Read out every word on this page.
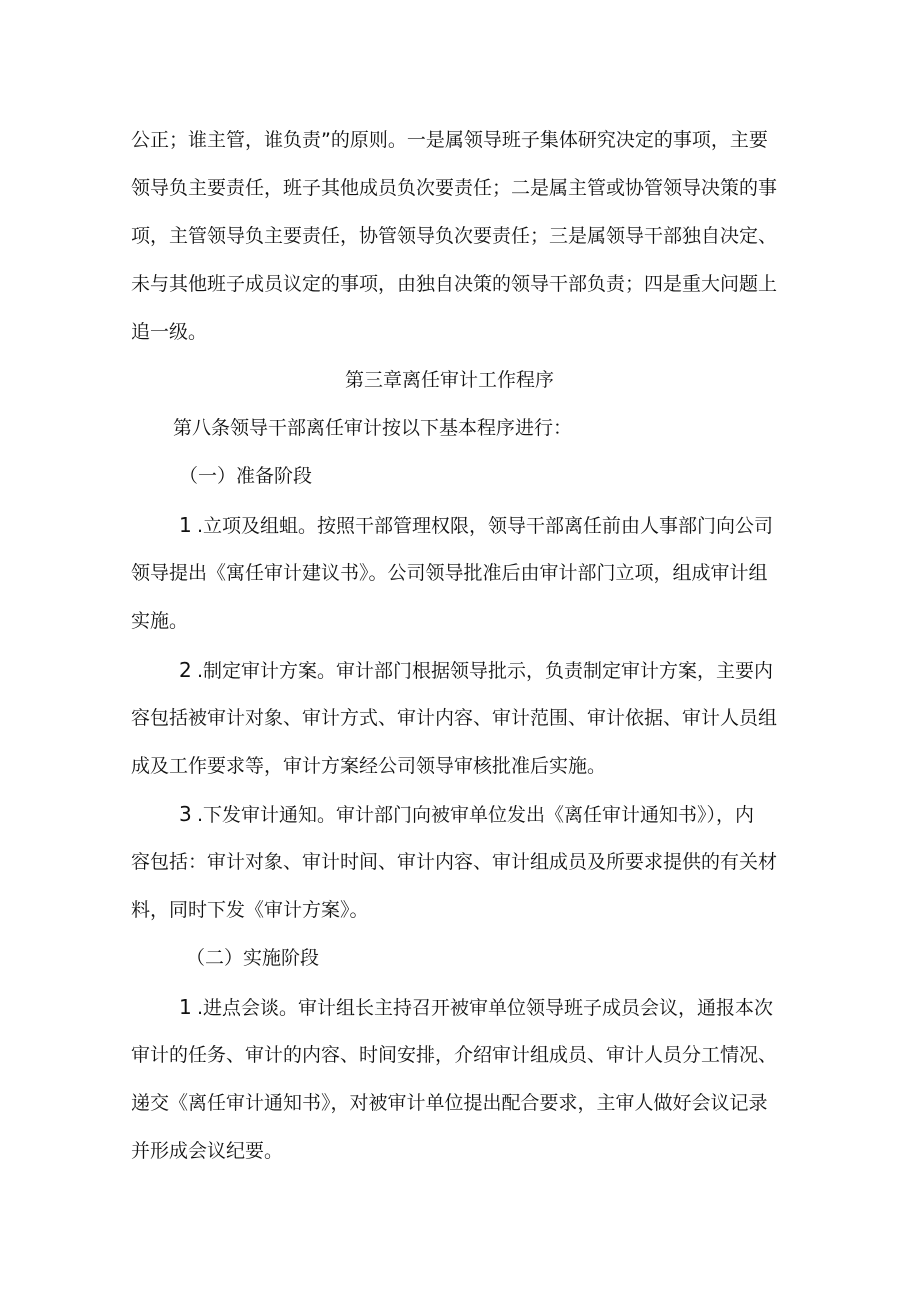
公正；谁主管，谁负责”的原则。一是属领导班子集体研究决定的事项，主要
领导负主要责任，班子其他成员负次要责任；二是属主管或协管领导决策的事
项，主管领导负主要责任，协管领导负次要责任；三是属领导干部独自决定、
未与其他班子成员议定的事项，由独自决策的领导干部负责；四是重大问题上
追一级。
第三章离任审计工作程序
第八条领导干部离任审计按以下基本程序进行：
（一）准备阶段
1 .立项及组蛆。按照干部管理权限，领导干部离任前由人事部门向公司
领导提出《寓任审计建议书》。公司领导批准后由审计部门立项，组成审计组
实施。
2 .制定审计方案。审计部门根据领导批示，负责制定审计方案，主要内
容包括被审计对象、审计方式、审计内容、审计范围、审计依据、审计人员组
成及工作要求等，审计方案经公司领导审核批准后实施。
3 .下发审计通知。审计部门向被审单位发出《离任审计通知书》），内
容包括：审计对象、审计时间、审计内容、审计组成员及所要求提供的有关材
料，同时下发《审计方案》。
（二）实施阶段
1 .进点会谈。审计组长主持召开被审单位领导班子成员会议，通报本次
审计的任务、审计的内容、时间安排，介绍审计组成员、审计人员分工情况、
递交《离任审计通知书》，对被审计单位提出配合要求，主审人做好会议记录
并形成会议纪要。
